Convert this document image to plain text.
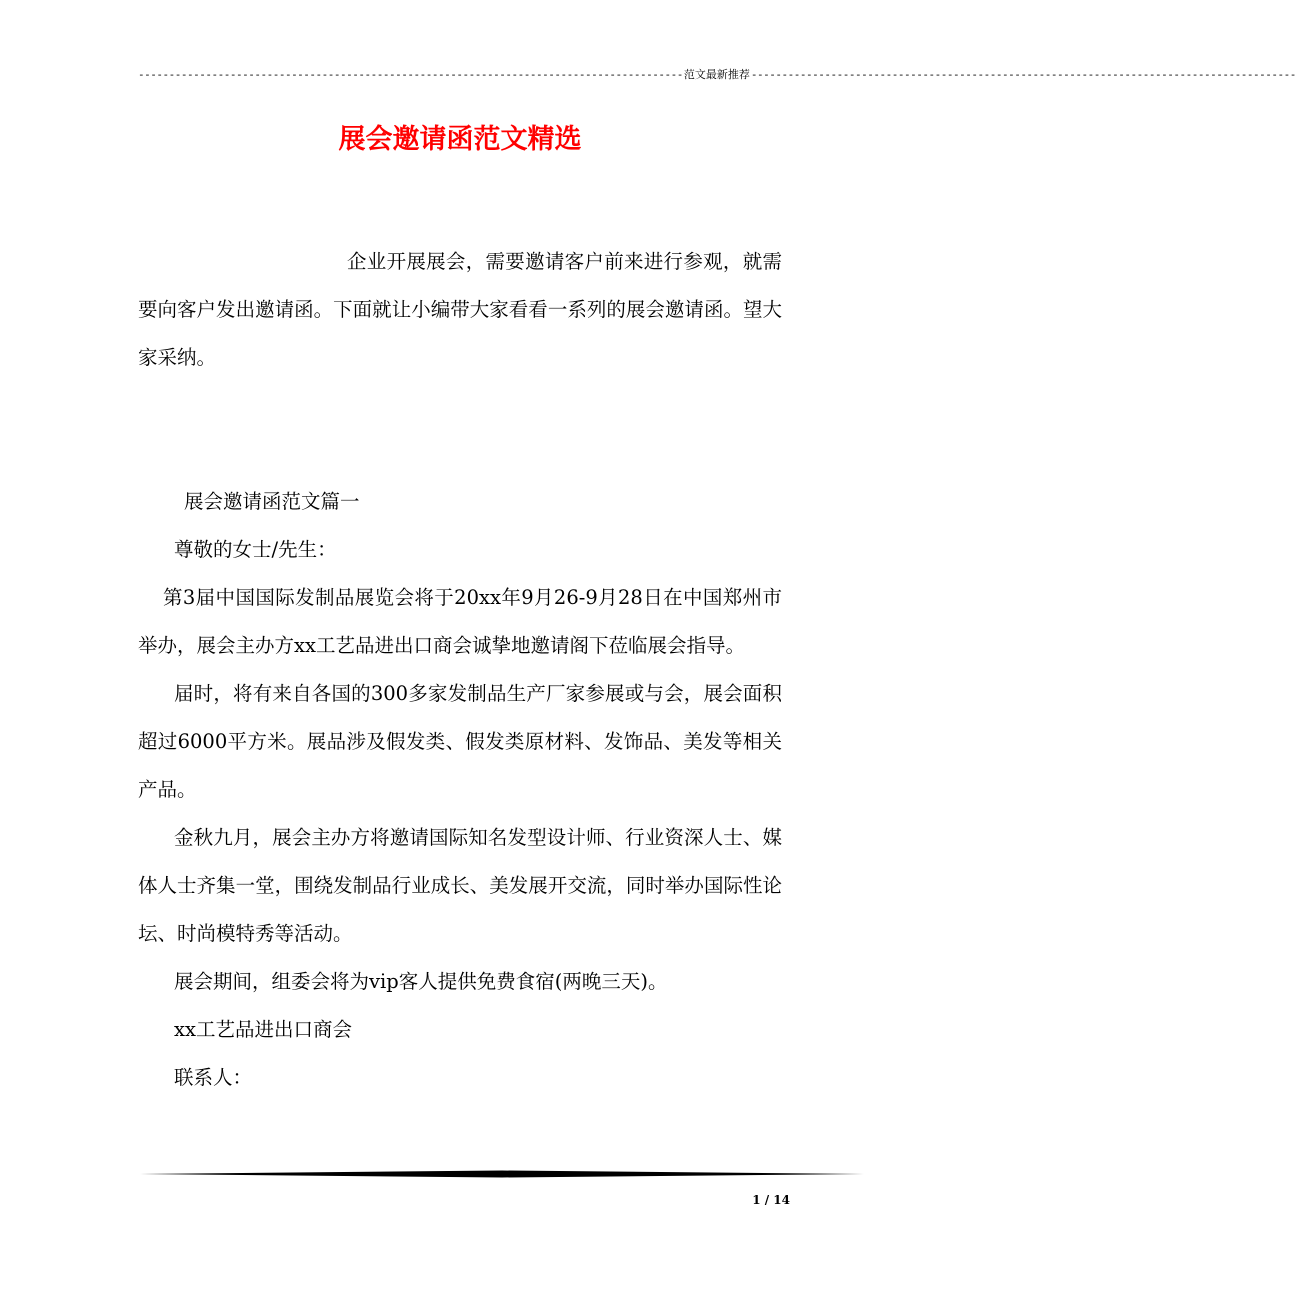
----------------------------------------------------------------------------------------- 范文最新推荐 -----------------------------------------------------------------------------------------
展会邀请函范文精选

企业开展展会，需要邀请客户前来进行参观，就需要向客户发出邀请函。下面就让小编带大家看看一系列的展会邀请函。望大家采纳。

展会邀请函范文篇一

尊敬的女士/先生：

第3届中国国际发制品展览会将于20xx年9月26-9月28日在中国郑州市举办，展会主办方xx工艺品进出口商会诚挚地邀请阁下莅临展会指导。

届时，将有来自各国的300多家发制品生产厂家参展或与会，展会面积超过6000平方米。展品涉及假发类、假发类原材料、发饰品、美发等相关产品。

金秋九月，展会主办方将邀请国际知名发型设计师、行业资深人士、媒体人士齐集一堂，围绕发制品行业成长、美发展开交流，同时举办国际性论坛、时尚模特秀等活动。

展会期间，组委会将为vip客人提供免费食宿(两晚三天)。

xx工艺品进出口商会

联系人：

1 / 14
